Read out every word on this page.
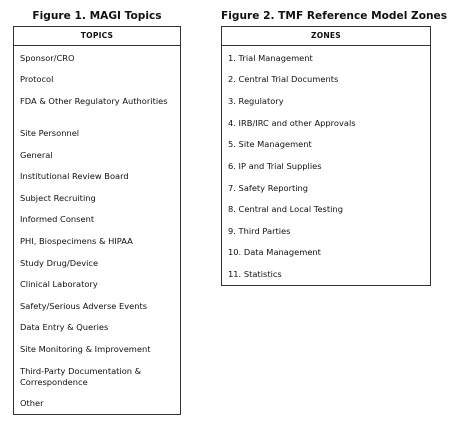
Figure 1. MAGI Topics
TOPICS
Sponsor/CRO
Protocol
FDA & Other Regulatory Authorities
Site Personnel
General
Institutional Review Board
Subject Recruiting
Informed Consent
PHI, Biospecimens & HIPAA
Study Drug/Device
Clinical Laboratory
Safety/Serious Adverse Events
Data Entry & Queries
Site Monitoring & Improvement
Third-Party Documentation & Correspondence
Other
Figure 2. TMF Reference Model Zones
ZONES
1. Trial Management
2. Central Trial Documents
3. Regulatory
4. IRB/IRC and other Approvals
5. Site Management
6. IP and Trial Supplies
7. Safety Reporting
8. Central and Local Testing
9. Third Parties
10. Data Management
11. Statistics
